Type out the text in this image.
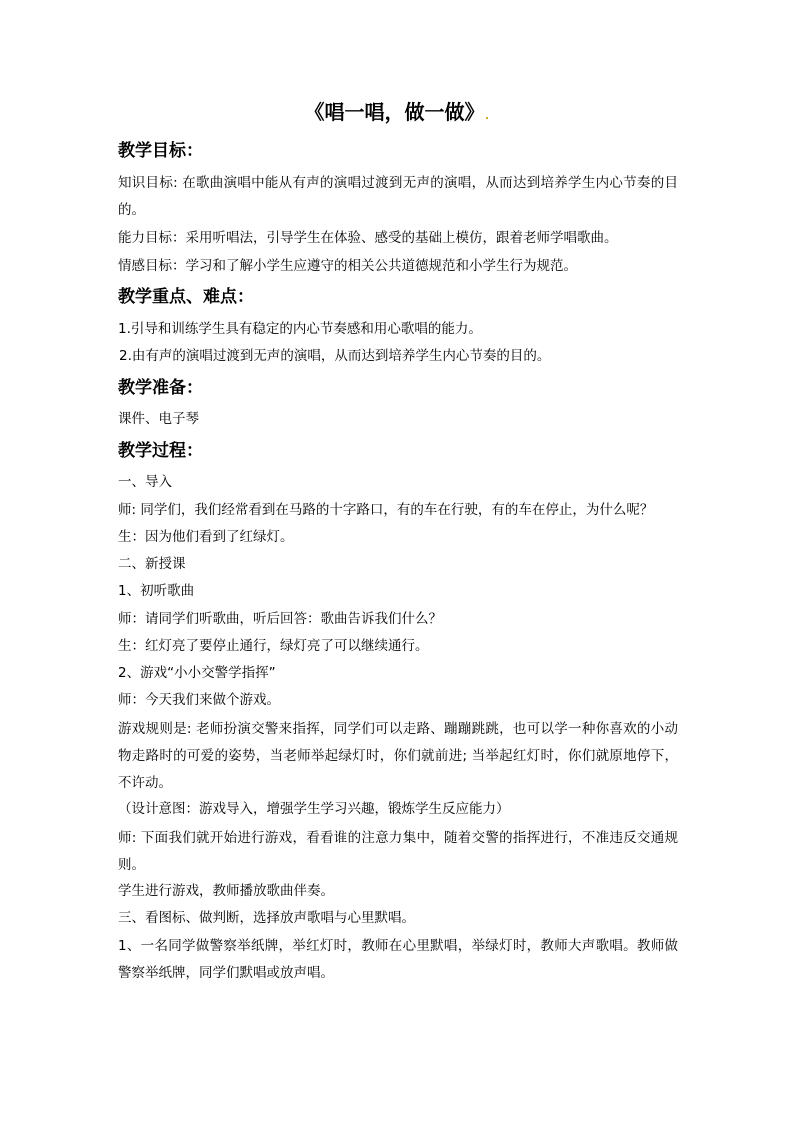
《唱一唱，做一做》.
教学目标：
知识目标: 在歌曲演唱中能从有声的演唱过渡到无声的演唱，从而达到培养学生内心节奏的目的。
能力目标：采用听唱法，引导学生在体验、感受的基础上模仿，跟着老师学唱歌曲。
情感目标：学习和了解小学生应遵守的相关公共道德规范和小学生行为规范。
教学重点、难点：
1.引导和训练学生具有稳定的内心节奏感和用心歌唱的能力。
2.由有声的演唱过渡到无声的演唱，从而达到培养学生内心节奏的目的。
教学准备：
课件、电子琴
教学过程：
一、导入
师: 同学们，我们经常看到在马路的十字路口，有的车在行驶，有的车在停止，为什么呢？
生：因为他们看到了红绿灯。
二、新授课
1、初听歌曲
师：请同学们听歌曲，听后回答：歌曲告诉我们什么？
生：红灯亮了要停止通行，绿灯亮了可以继续通行。
2、游戏“小小交警学指挥”
师：今天我们来做个游戏。
游戏规则是: 老师扮演交警来指挥，同学们可以走路、蹦蹦跳跳，也可以学一种你喜欢的小动物走路时的可爱的姿势，当老师举起绿灯时，你们就前进; 当举起红灯时，你们就原地停下，不许动。
（设计意图：游戏导入，增强学生学习兴趣，锻炼学生反应能力）
师: 下面我们就开始进行游戏，看看谁的注意力集中，随着交警的指挥进行，不准违反交通规则。
学生进行游戏，教师播放歌曲伴奏。
三、看图标、做判断，选择放声歌唱与心里默唱。
1、一名同学做警察举纸牌，举红灯时，教师在心里默唱，举绿灯时，教师大声歌唱。教师做警察举纸牌，同学们默唱或放声唱。
